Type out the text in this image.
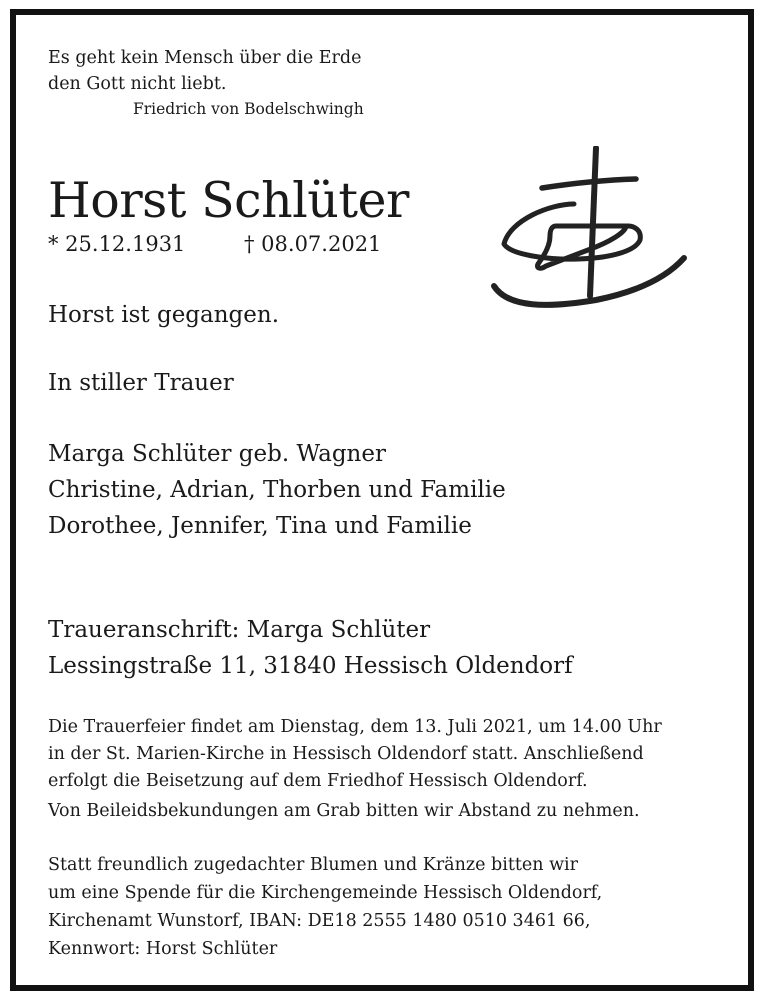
Es geht kein Mensch über die Erde
den Gott nicht liebt.
Friedrich von Bodelschwingh
Horst Schlüter
* 25.12.1931	† 08.07.2021
Horst ist gegangen.
In stiller Trauer
Marga Schlüter geb. Wagner
Christine, Adrian, Thorben und Familie
Dorothee, Jennifer, Tina und Familie
Traueranschrift: Marga Schlüter
Lessingstraße 11, 31840 Hessisch Oldendorf
Die Trauerfeier findet am Dienstag, dem 13. Juli 2021, um 14.00 Uhr
in der St. Marien-Kirche in Hessisch Oldendorf statt. Anschließend
erfolgt die Beisetzung auf dem Friedhof Hessisch Oldendorf.
Von Beileidsbekundungen am Grab bitten wir Abstand zu nehmen.
Statt freundlich zugedachter Blumen und Kränze bitten wir
um eine Spende für die Kirchengemeinde Hessisch Oldendorf,
Kirchenamt Wunstorf, IBAN: DE18 2555 1480 0510 3461 66,
Kennwort: Horst Schlüter
